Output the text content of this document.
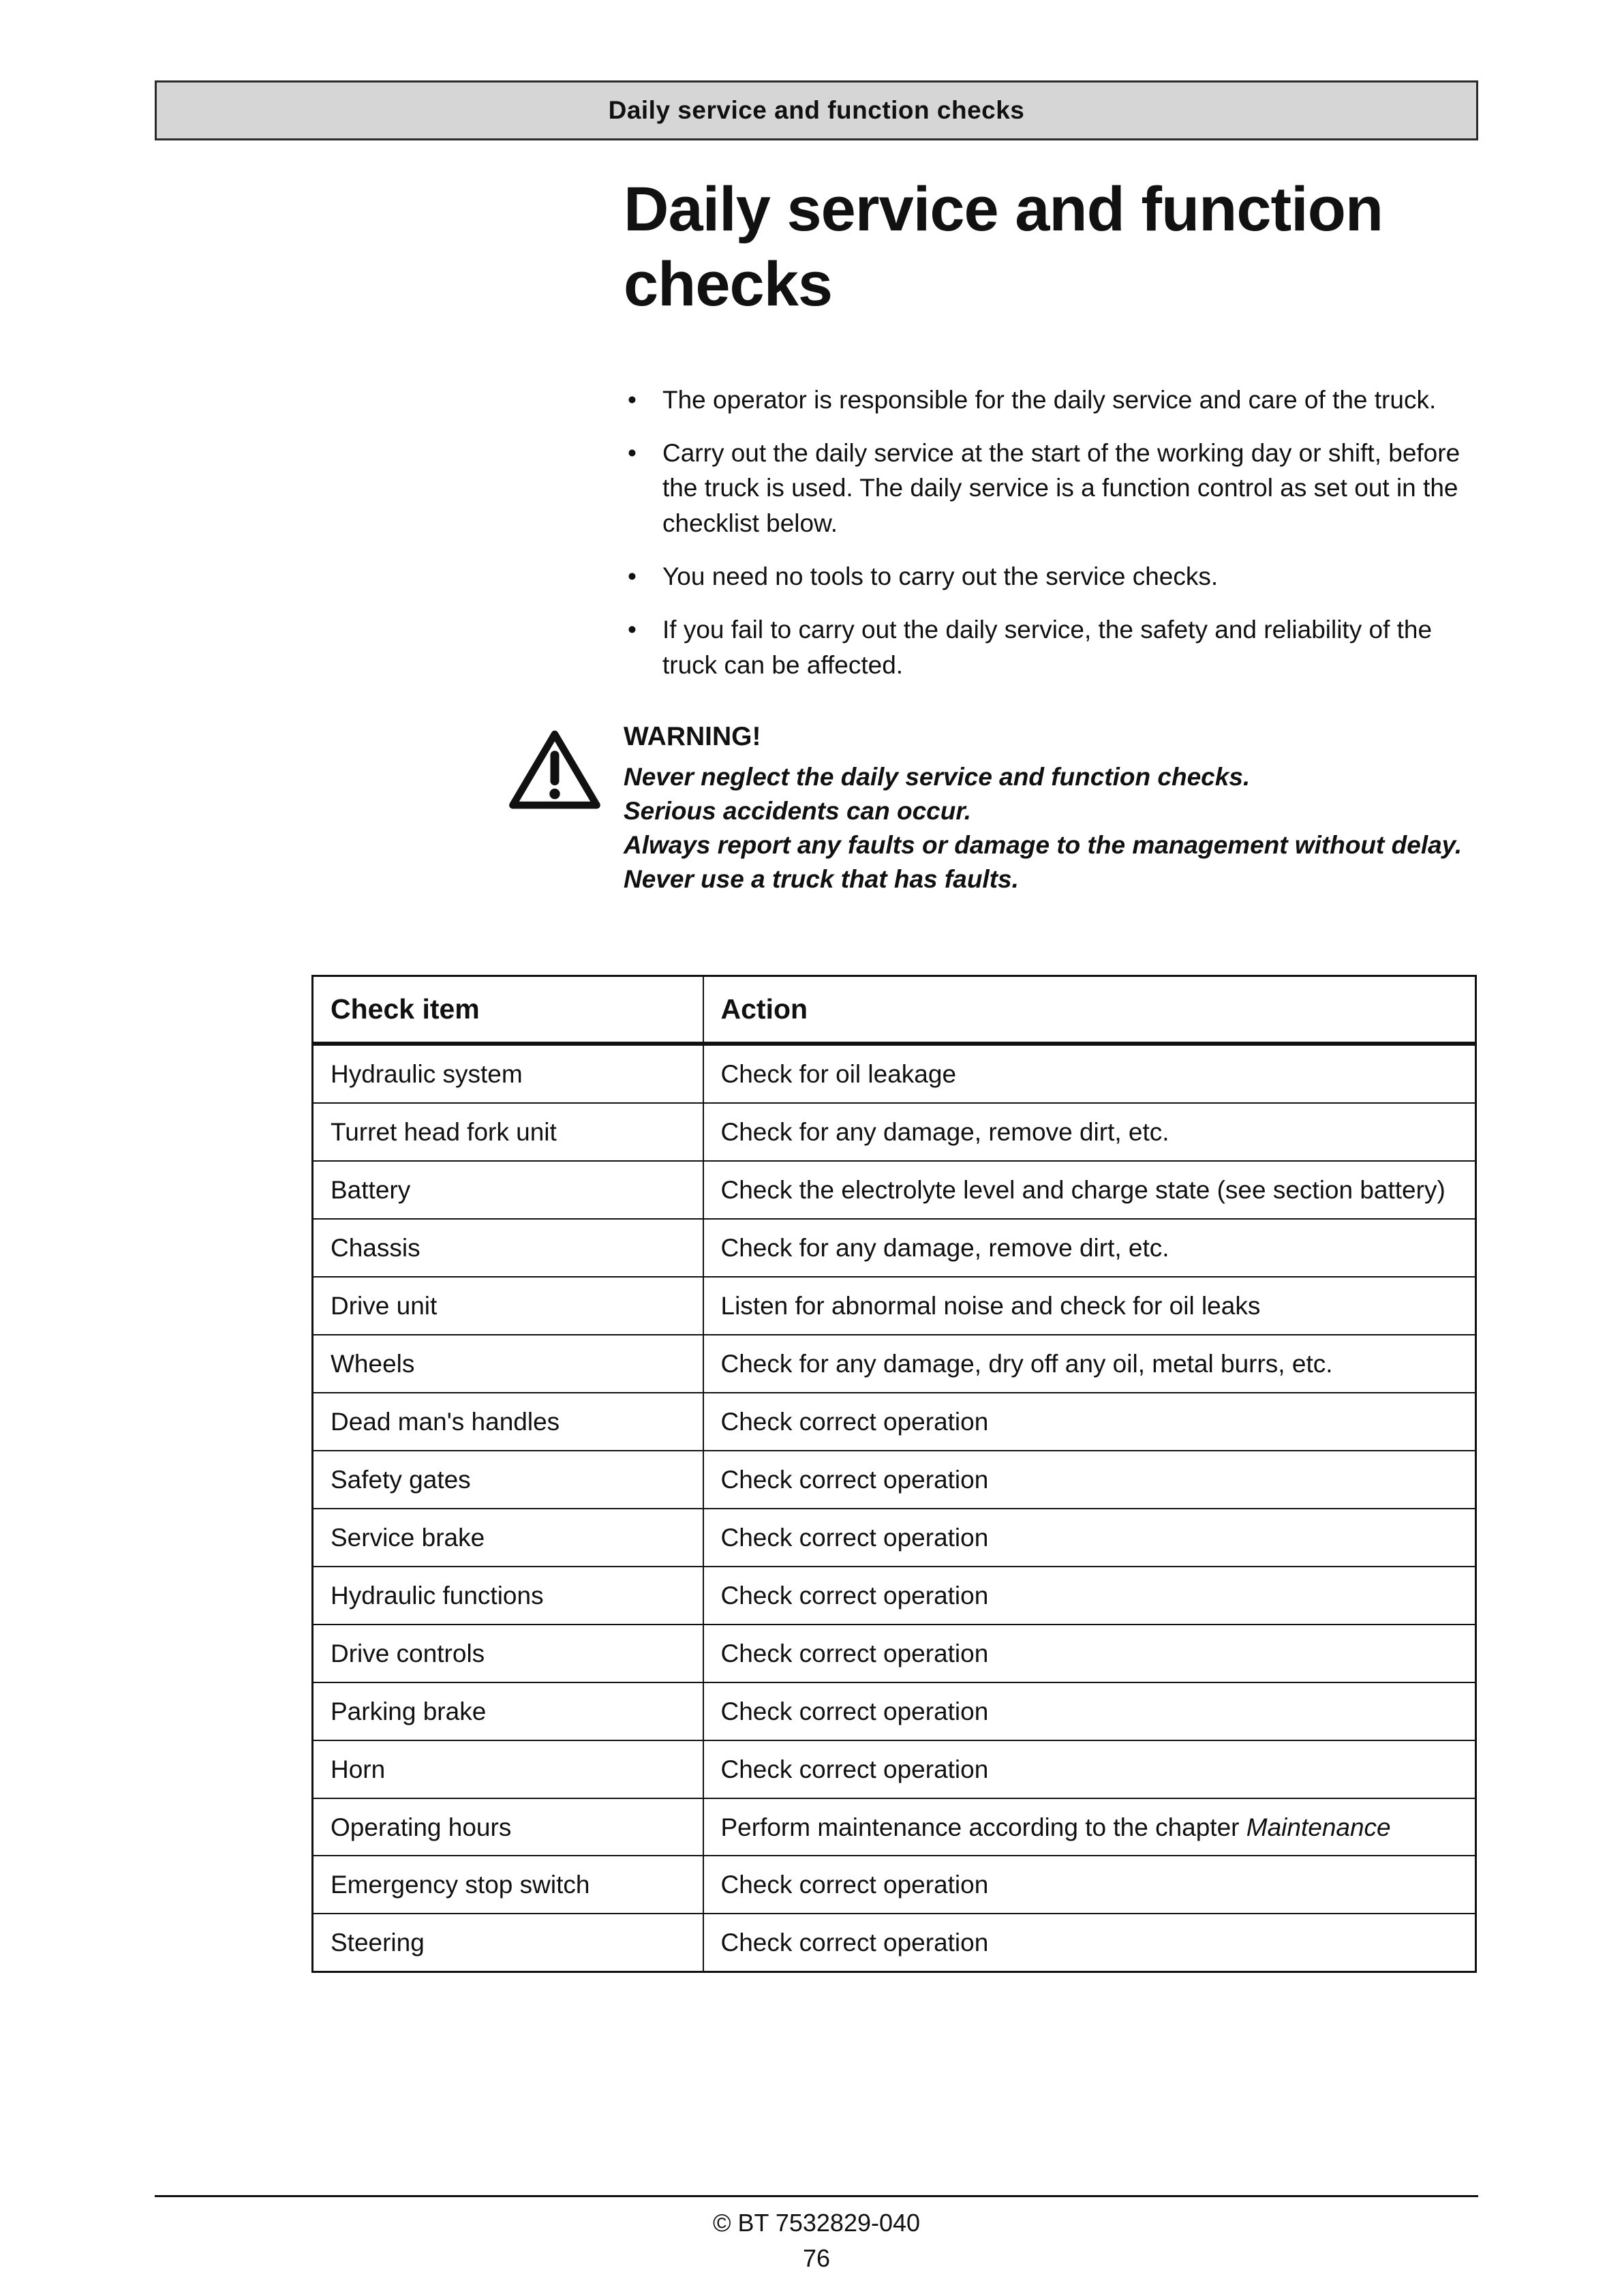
Daily service and function checks
Daily service and function checks
• The operator is responsible for the daily service and care of the truck.
• Carry out the daily service at the start of the working day or shift, before the truck is used. The daily service is a function control as set out in the checklist below.
• You need no tools to carry out the service checks.
• If you fail to carry out the daily service, the safety and reliability of the truck can be affected.
WARNING!
Never neglect the daily service and function checks.
Serious accidents can occur.
Always report any faults or damage to the management without delay. Never use a truck that has faults.
Check item	Action
Hydraulic system	Check for oil leakage
Turret head fork unit	Check for any damage, remove dirt, etc.
Battery	Check the electrolyte level and charge state (see section battery)
Chassis	Check for any damage, remove dirt, etc.
Drive unit	Listen for abnormal noise and check for oil leaks
Wheels	Check for any damage, dry off any oil, metal burrs, etc.
Dead man's handles	Check correct operation
Safety gates	Check correct operation
Service brake	Check correct operation
Hydraulic functions	Check correct operation
Drive controls	Check correct operation
Parking brake	Check correct operation
Horn	Check correct operation
Operating hours	Perform maintenance according to the chapter Maintenance
Emergency stop switch	Check correct operation
Steering	Check correct operation
© BT 7532829-040
76
